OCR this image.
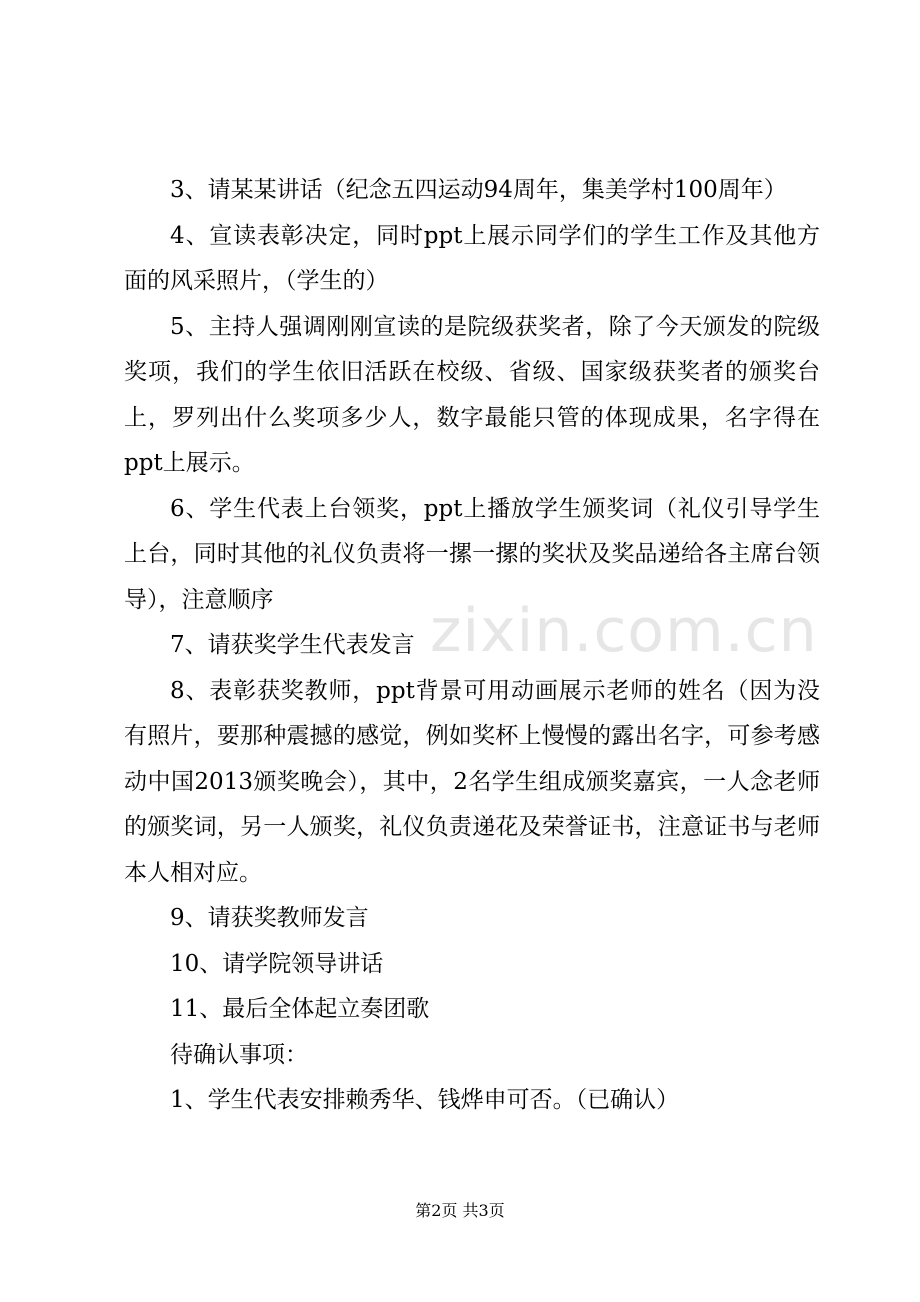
3、请某某讲话（纪念五四运动94周年，集美学村100周年）

4、宣读表彰决定，同时ppt上展示同学们的学生工作及其他方面的风采照片，（学生的）

5、主持人强调刚刚宣读的是院级获奖者，除了今天颁发的院级奖项，我们的学生依旧活跃在校级、省级、国家级获奖者的颁奖台上，罗列出什么奖项多少人，数字最能只管的体现成果，名字得在ppt上展示。

6、学生代表上台领奖，ppt上播放学生颁奖词（礼仪引导学生上台，同时其他的礼仪负责将一摞一摞的奖状及奖品递给各主席台领导），注意顺序

7、请获奖学生代表发言

8、表彰获奖教师，ppt背景可用动画展示老师的姓名（因为没有照片，要那种震撼的感觉，例如奖杯上慢慢的露出名字，可参考感动中国2013颁奖晚会），其中，2名学生组成颁奖嘉宾，一人念老师的颁奖词，另一人颁奖，礼仪负责递花及荣誉证书，注意证书与老师本人相对应。

9、请获奖教师发言

10、请学院领导讲话

11、最后全体起立奏团歌

待确认事项：

1、学生代表安排赖秀华、钱烨申可否。（已确认）

zixin.com.cn
第2页 共3页
